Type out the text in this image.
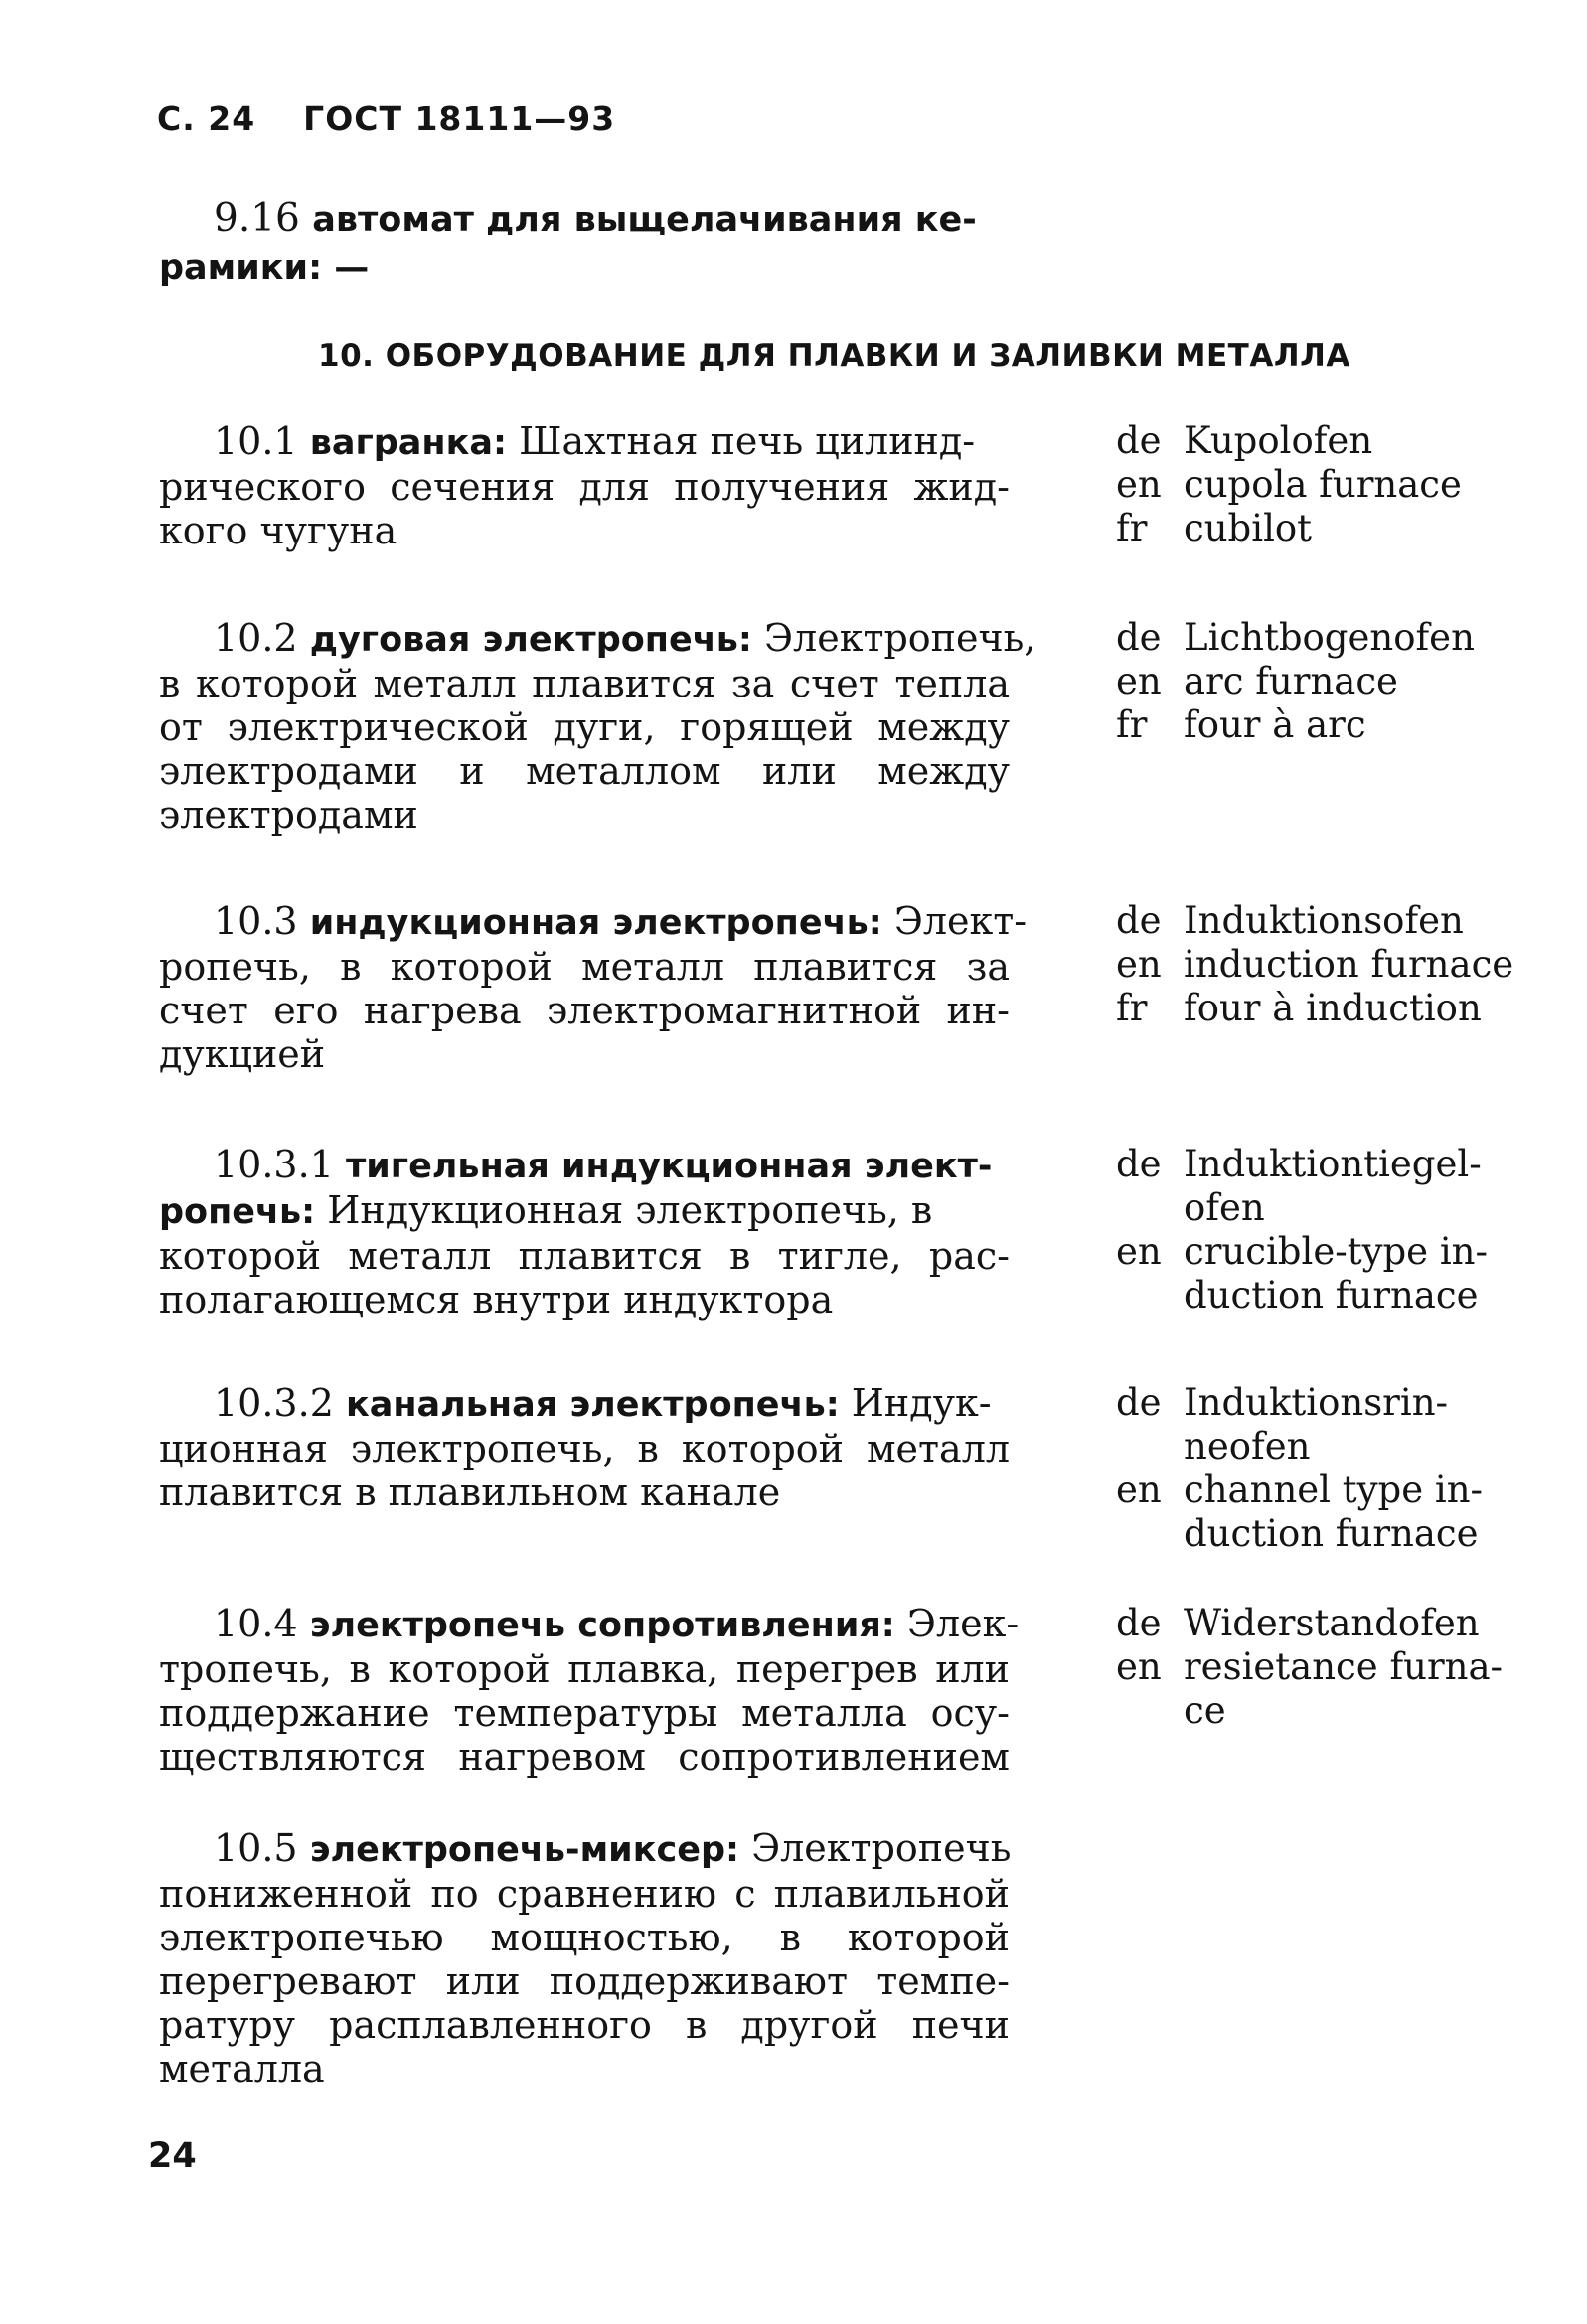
С. 24 ГОСТ 18111—93
9.16 автомат для выщелачивания ке-
рамики: —
10. ОБОРУДОВАНИЕ ДЛЯ ПЛАВКИ И ЗАЛИВКИ МЕТАЛЛА
10.1 вагранка: Шахтная печь цилинд-
рического сечения для получения жид-
кого чугуна
de Kupolofen
en cupola furnace
fr cubilot
10.2 дуговая электропечь: Электропечь,
в которой металл плавится за счет тепла
от электрической дуги, горящей между
электродами и металлом или между
электродами
de Lichtbogenofen
en arc furnace
fr four à arc
10.3 индукционная электропечь: Элект-
ропечь, в которой металл плавится за
счет его нагрева электромагнитной ин-
дукцией
de Induktionsofen
en induction furnace
fr four à induction
10.3.1 тигельная индукционная элект-
ропечь: Индукционная электропечь, в
которой металл плавится в тигле, рас-
полагающемся внутри индуктора
de Induktiontiegel-
ofen
en crucible-type in-
duction furnace
10.3.2 канальная электропечь: Индук-
ционная электропечь, в которой металл
плавится в плавильном канале
de Induktionsrin-
neofen
en channel type in-
duction furnace
10.4 электропечь сопротивления: Элек-
тропечь, в которой плавка, перегрев или
поддержание температуры металла осу-
ществляются нагревом сопротивлением
de Widerstandofen
en resietance furna-
ce
10.5 электропечь-миксер: Электропечь
пониженной по сравнению с плавильной
электропечью мощностью, в которой
перегревают или поддерживают темпе-
ратуру расплавленного в другой печи
металла
24
